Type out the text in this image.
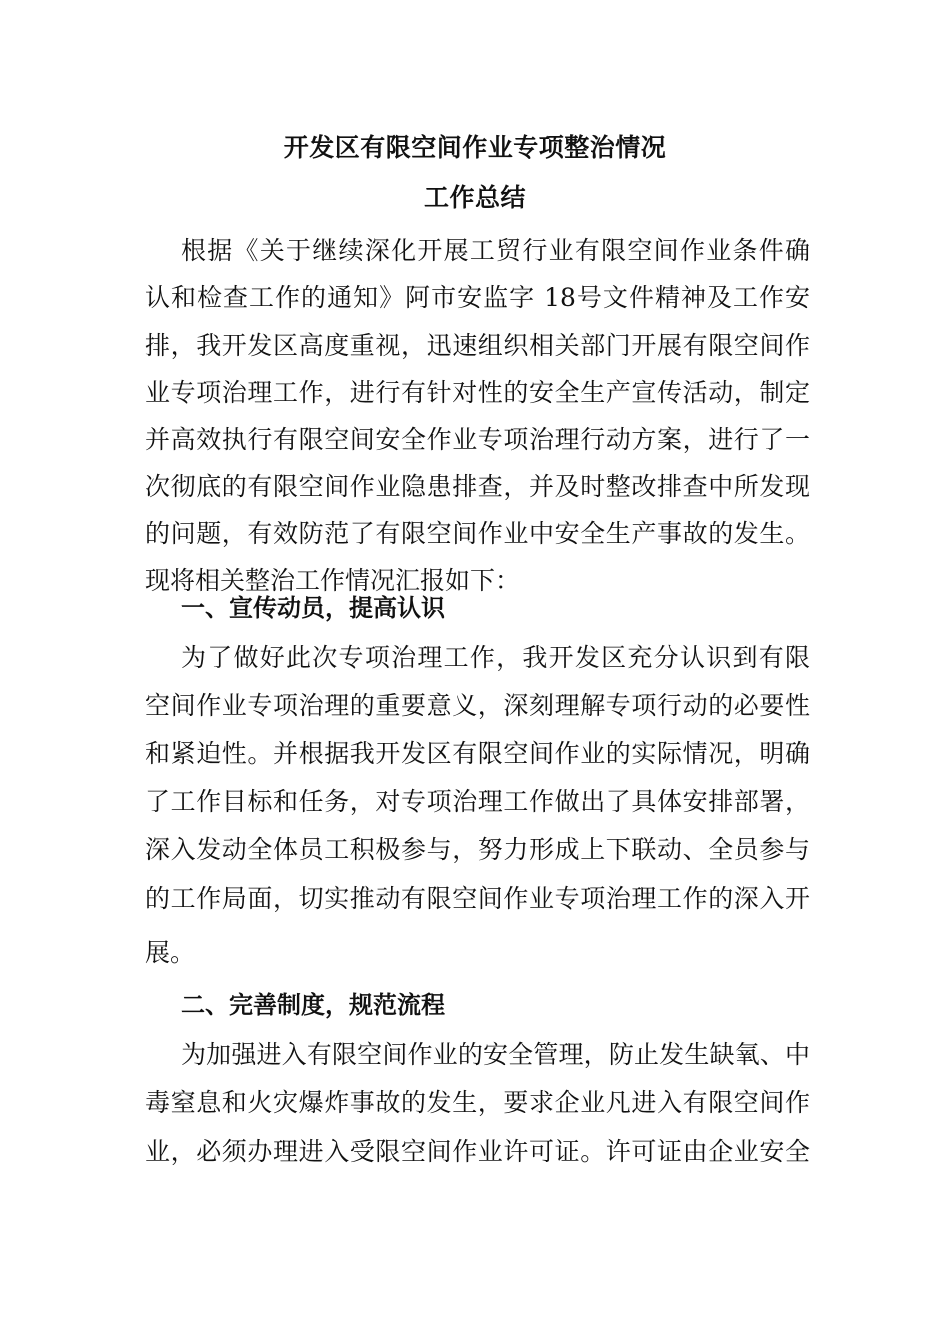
开发区有限空间作业专项整治情况
工作总结
根据《关于继续深化开展工贸行业有限空间作业条件确
认和检查工作的通知》阿市安监字 18号文件精神及工作安
排，我开发区高度重视，迅速组织相关部门开展有限空间作
业专项治理工作，进行有针对性的安全生产宣传活动，制定
并高效执行有限空间安全作业专项治理行动方案，进行了一
次彻底的有限空间作业隐患排查，并及时整改排查中所发现
的问题，有效防范了有限空间作业中安全生产事故的发生。
现将相关整治工作情况汇报如下：
一、宣传动员，提高认识
为了做好此次专项治理工作，我开发区充分认识到有限
空间作业专项治理的重要意义，深刻理解专项行动的必要性
和紧迫性。并根据我开发区有限空间作业的实际情况，明确
了工作目标和任务，对专项治理工作做出了具体安排部署，
深入发动全体员工积极参与，努力形成上下联动、全员参与
的工作局面，切实推动有限空间作业专项治理工作的深入开
展。
二、完善制度，规范流程
为加强进入有限空间作业的安全管理，防止发生缺氧、中
毒窒息和火灾爆炸事故的发生，要求企业凡进入有限空间作
业，必须办理进入受限空间作业许可证。许可证由企业安全
